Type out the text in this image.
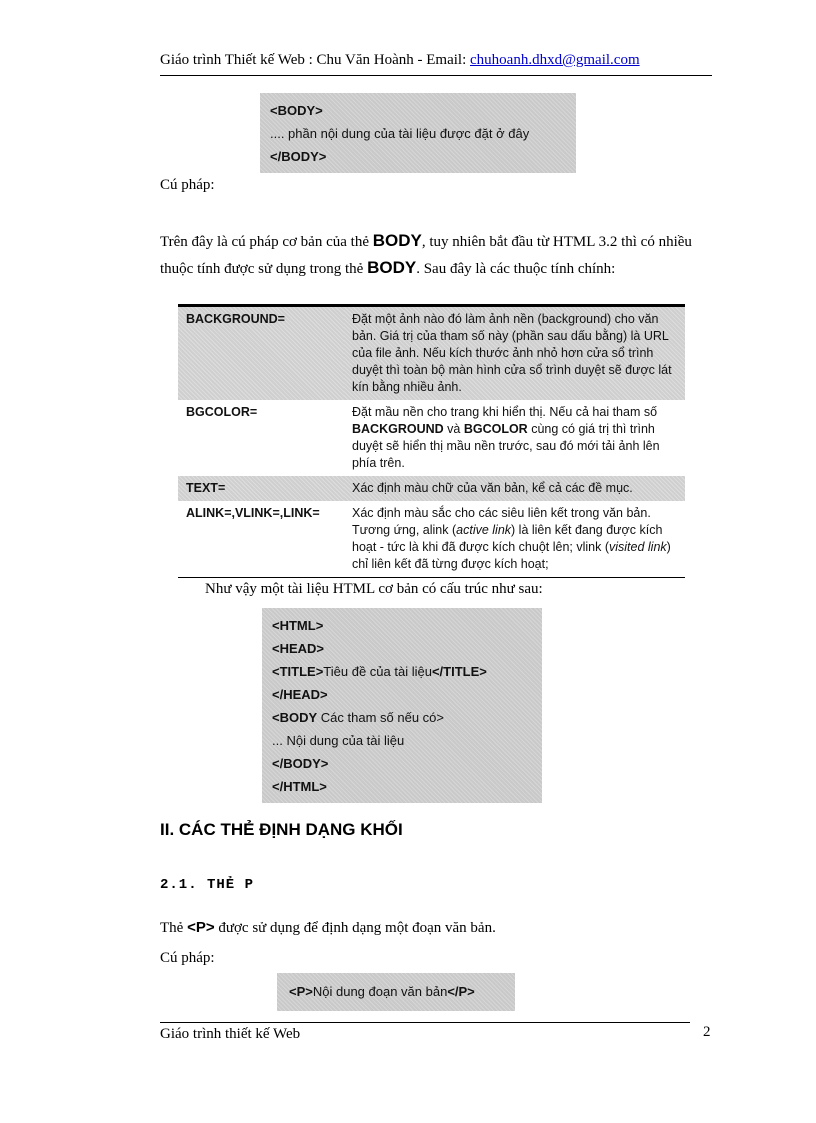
Giáo trình Thiết kế Web : Chu Văn Hoành - Email: chuhoanh.dhxd@gmail.com
<BODY>
.... phần nội dung của tài liệu được đặt ở đây
</BODY>
Cú pháp:
Trên đây là cú pháp cơ bản của thẻ BODY, tuy nhiên bắt đầu từ HTML 3.2 thì có nhiều
thuộc tính được sử dụng trong thẻ BODY. Sau đây là các thuộc tính chính:
BACKGROUND=	Đặt một ảnh nào đó làm ảnh nền (background) cho văn bản. Giá trị của tham số này (phần sau dấu bằng) là URL của file ảnh. Nếu kích thước ảnh nhỏ hơn cửa sổ trình duyệt thì toàn bộ màn hình cửa sổ trình duyệt sẽ được lát kín bằng nhiều ảnh.
BGCOLOR=	Đặt mầu nền cho trang khi hiển thị. Nếu cả hai tham số BACKGROUND và BGCOLOR cùng có giá trị thì trình duyệt sẽ hiển thị mầu nền trước, sau đó mới tải ảnh lên phía trên.
TEXT=	Xác định màu chữ của văn bản, kể cả các đề mục.
ALINK=,VLINK=,LINK=	Xác định màu sắc cho các siêu liên kết trong văn bản. Tương ứng, alink (active link) là liên kết đang được kích hoạt - tức là khi đã được kích chuột lên; vlink (visited link) chỉ liên kết đã từng được kích hoạt;
Như vậy một tài liệu HTML cơ bản có cấu trúc như sau:
<HTML>
<HEAD>
<TITLE>Tiêu đề của tài liệu</TITLE>
</HEAD>
<BODY Các tham số nếu có>
... Nội dung của tài liệu
</BODY>
</HTML>
II. CÁC THẺ ĐỊNH DẠNG KHỐI
2.1. THẺ P
Thẻ <P> được sử dụng để định dạng một đoạn văn bản.
Cú pháp:
<P>Nội dung đoạn văn bản</P>
Giáo trình thiết kế Web	2
